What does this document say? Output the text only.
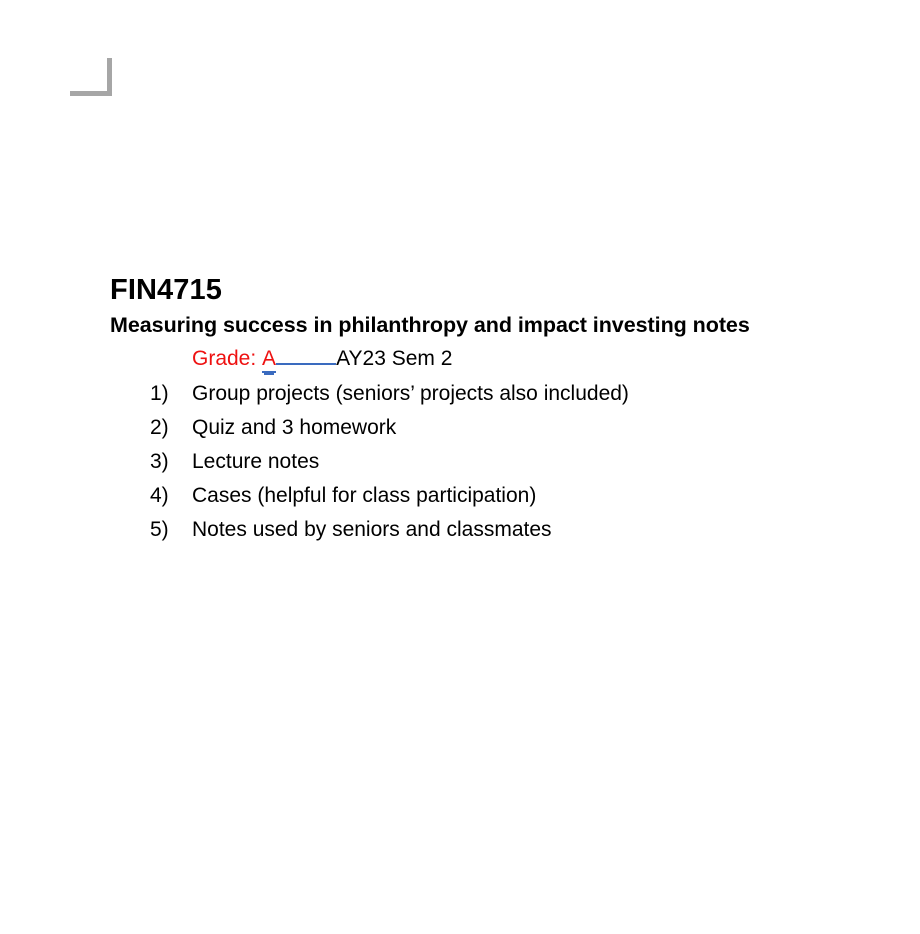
FIN4715
Measuring success in philanthropy and impact investing notes

Grade: A	AY23 Sem 2

1)	Group projects (seniors’ projects also included)
2)	Quiz and 3 homework
3)	Lecture notes
4)	Cases (helpful for class participation)
5)	Notes used by seniors and classmates
